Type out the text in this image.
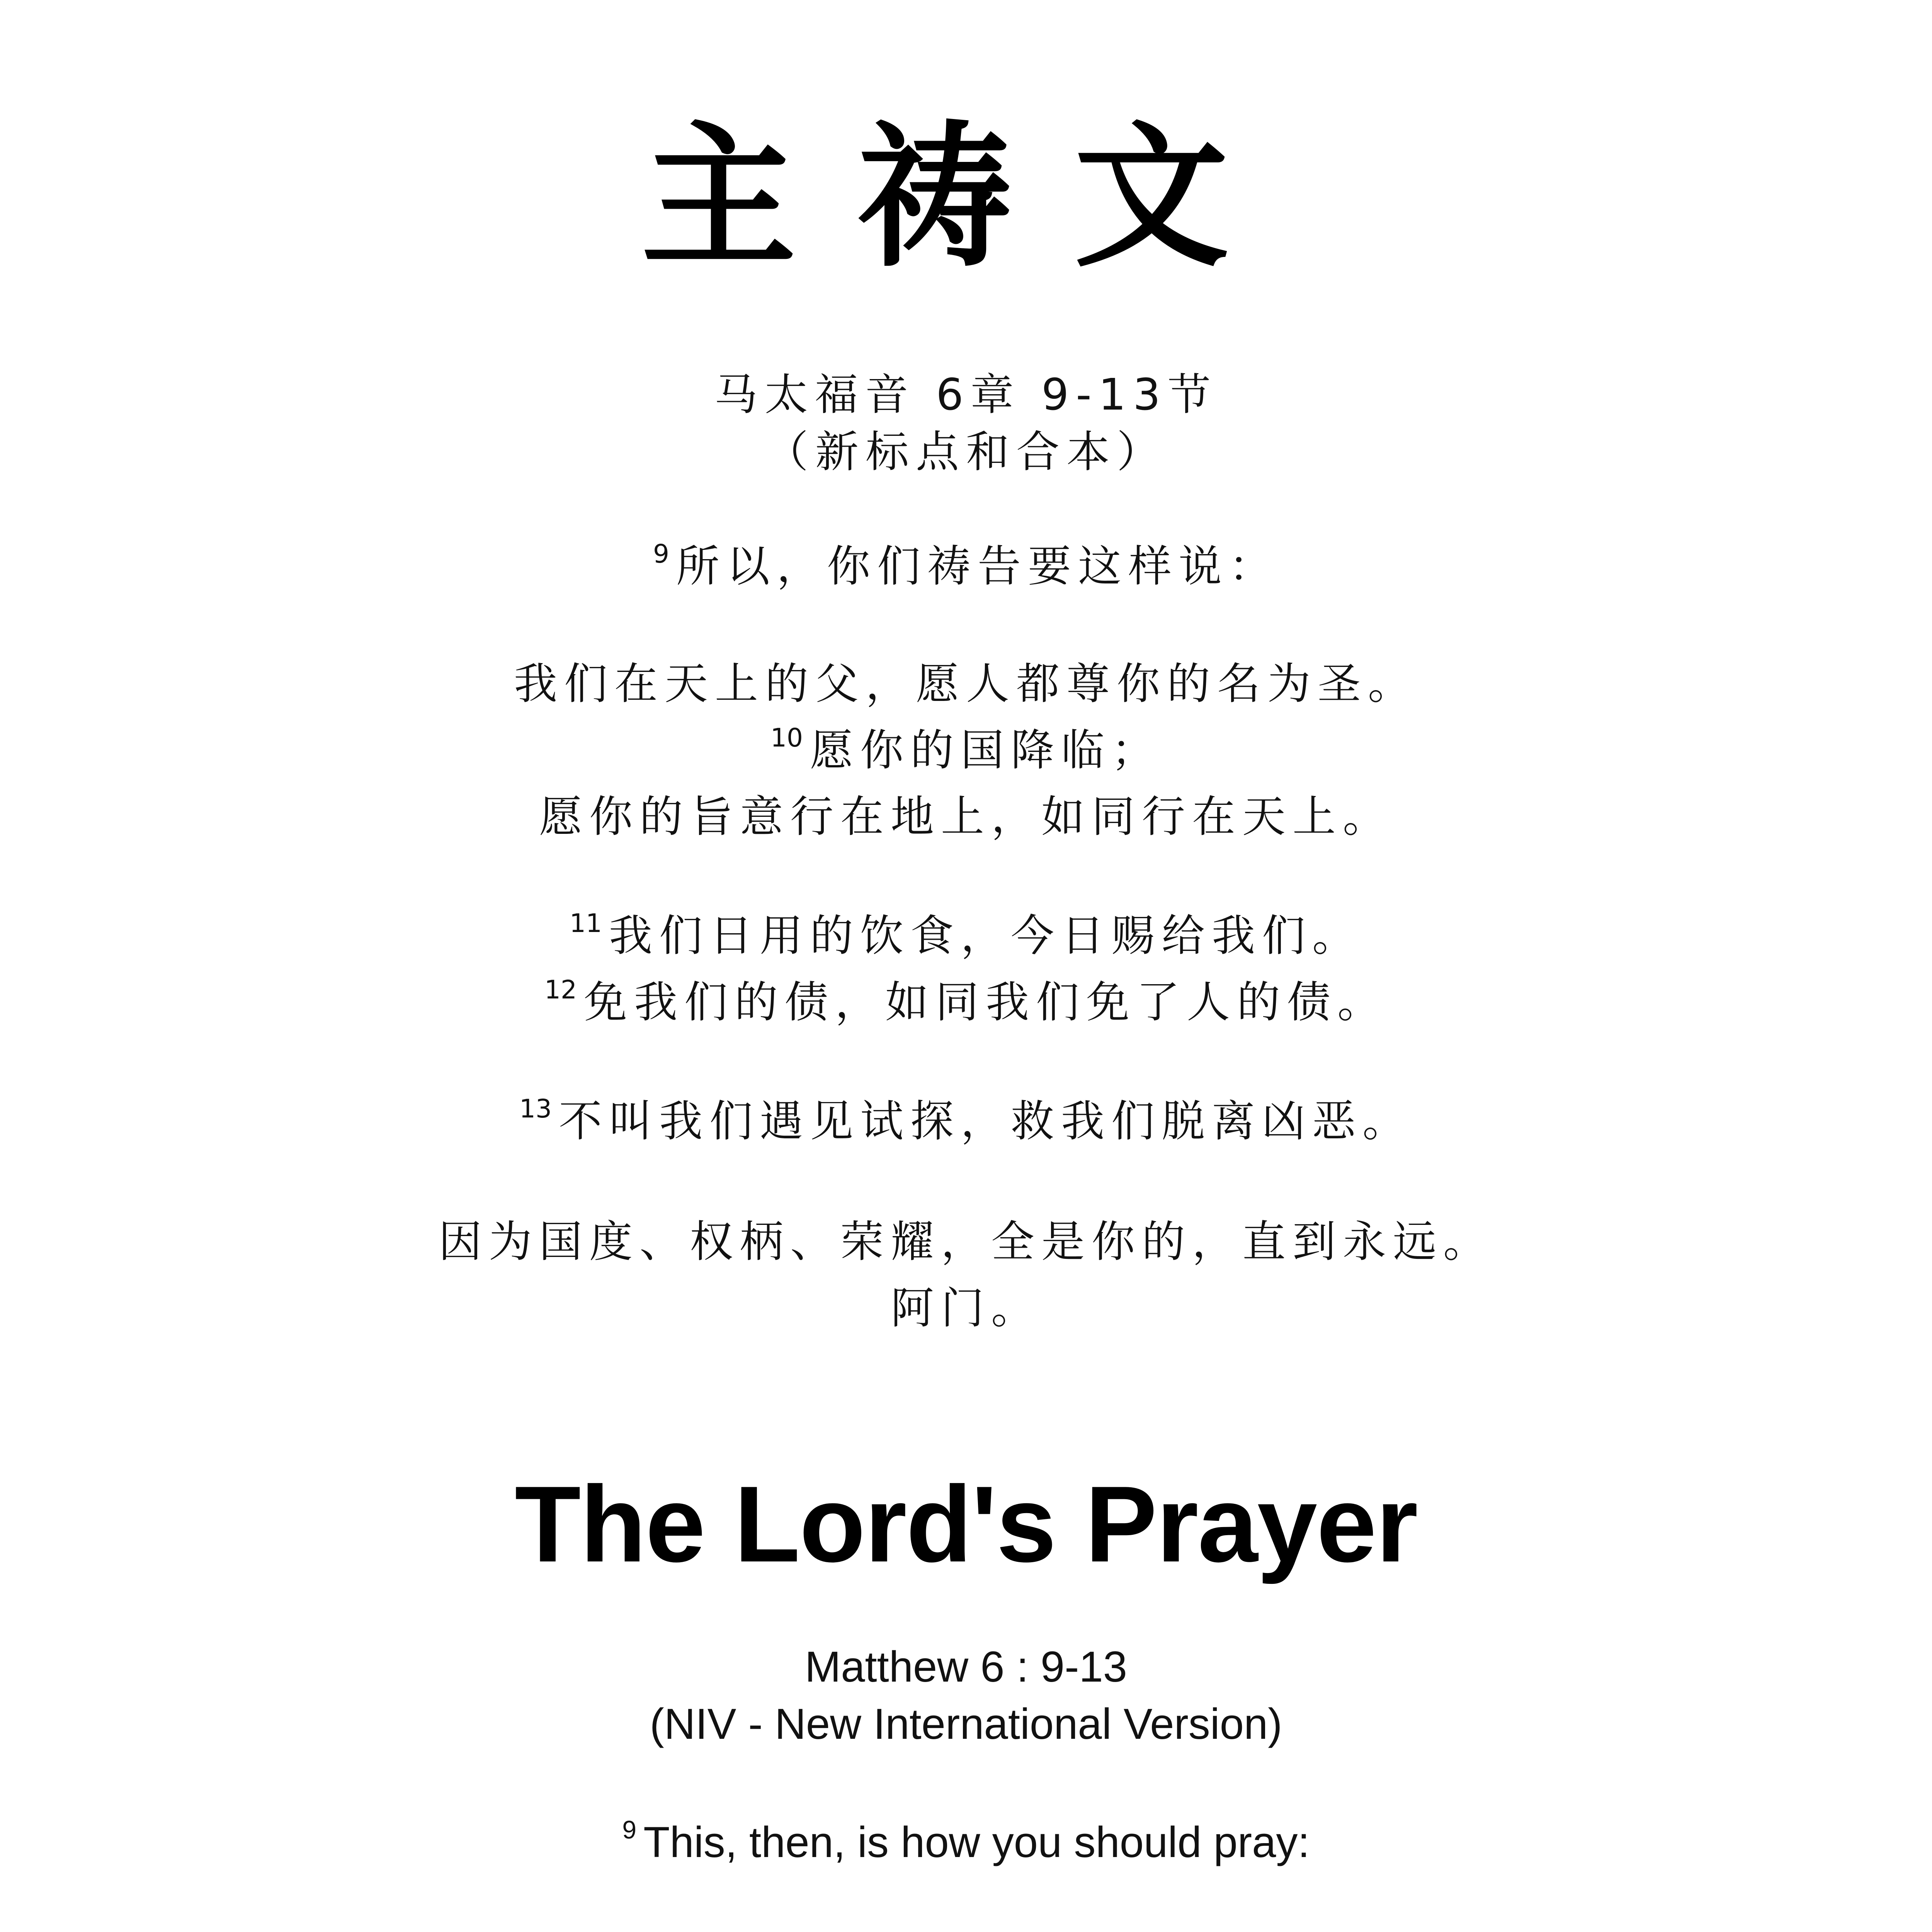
主祷文
马太福音 6章 9-13节
（新标点和合本）
$^9$ 所以，你们祷告要这样说：
我们在天上的父，愿人都尊你的名为圣。
$^{10}$ 愿你的国降临；
愿你的旨意行在地上，如同行在天上。
$^{11}$ 我们日用的饮食，今日赐给我们。
$^{12}$ 免我们的债，如同我们免了人的债。
$^{13}$ 不叫我们遇见试探，救我们脱离凶恶。
因为国度、权柄、荣耀，全是你的，直到永远。
阿门。
The Lord's Prayer
Matthew 6 : 9-13
(NIV - New International Version)
$^9$ This, then, is how you should pray:
